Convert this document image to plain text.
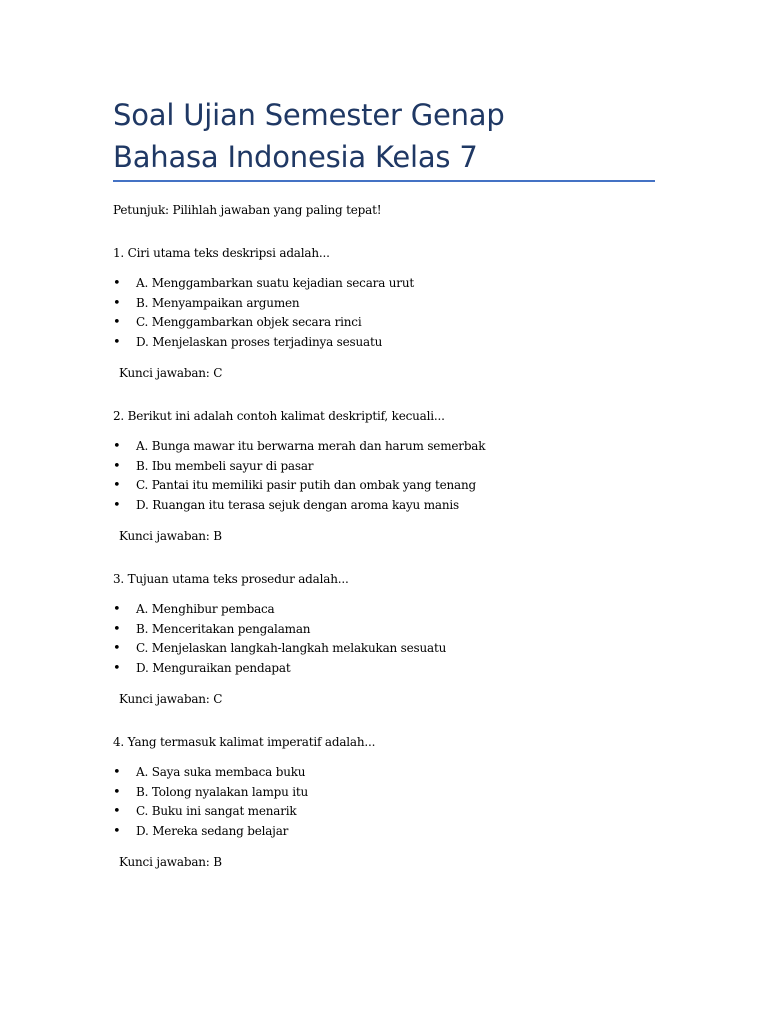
Soal Ujian Semester Genap
Bahasa Indonesia Kelas 7
Petunjuk: Pilihlah jawaban yang paling tepat!
1. Ciri utama teks deskripsi adalah...
• A. Menggambarkan suatu kejadian secara urut
• B. Menyampaikan argumen
• C. Menggambarkan objek secara rinci
• D. Menjelaskan proses terjadinya sesuatu
Kunci jawaban: C
2. Berikut ini adalah contoh kalimat deskriptif, kecuali...
• A. Bunga mawar itu berwarna merah dan harum semerbak
• B. Ibu membeli sayur di pasar
• C. Pantai itu memiliki pasir putih dan ombak yang tenang
• D. Ruangan itu terasa sejuk dengan aroma kayu manis
Kunci jawaban: B
3. Tujuan utama teks prosedur adalah...
• A. Menghibur pembaca
• B. Menceritakan pengalaman
• C. Menjelaskan langkah-langkah melakukan sesuatu
• D. Menguraikan pendapat
Kunci jawaban: C
4. Yang termasuk kalimat imperatif adalah...
• A. Saya suka membaca buku
• B. Tolong nyalakan lampu itu
• C. Buku ini sangat menarik
• D. Mereka sedang belajar
Kunci jawaban: B
